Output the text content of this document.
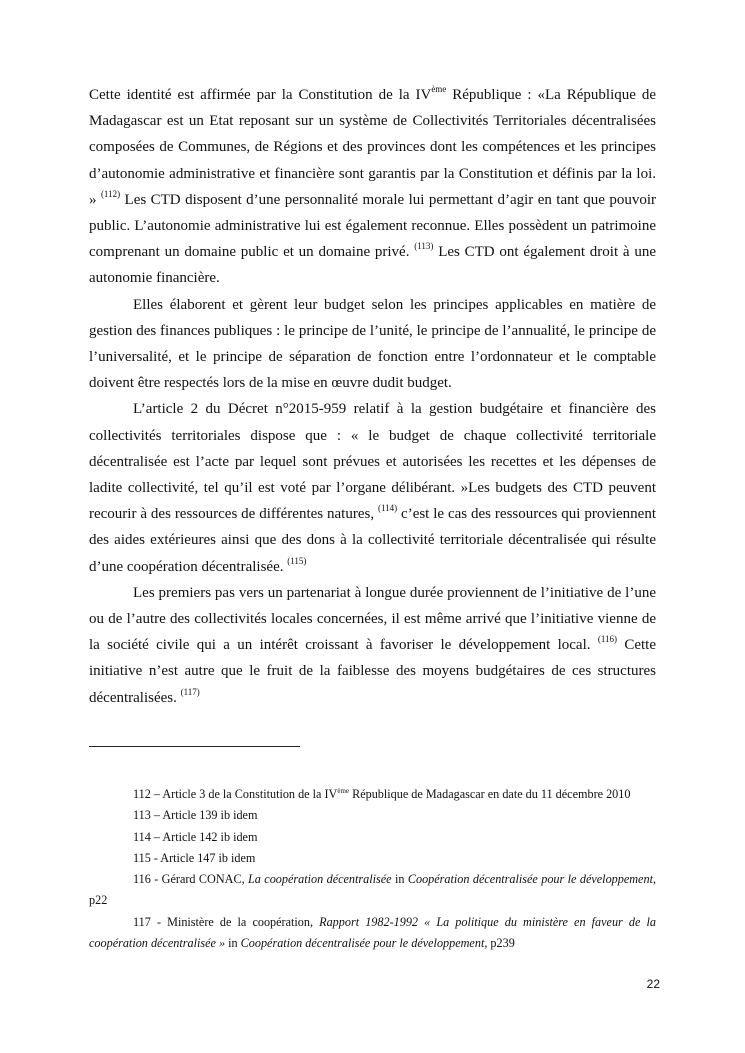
Cette identité est affirmée par la Constitution de la IVème République : «La République de Madagascar est un Etat reposant sur un système de Collectivités Territoriales décentralisées composées de Communes, de Régions et des provinces dont les compétences et les principes d’autonomie administrative et financière sont garantis par la Constitution et définis par la loi. » $^{(112)}$ Les CTD disposent d’une personnalité morale lui permettant d’agir en tant que pouvoir public. L’autonomie administrative lui est également reconnue. Elles possèdent un patrimoine comprenant un domaine public et un domaine privé. $^{(113)}$ Les CTD ont également droit à une autonomie financière.

Elles élaborent et gèrent leur budget selon les principes applicables en matière de gestion des finances publiques : le principe de l’unité, le principe de l’annualité, le principe de l’universalité, et le principe de séparation de fonction entre l’ordonnateur et le comptable doivent être respectés lors de la mise en œuvre dudit budget.

L’article 2 du Décret n°2015-959 relatif à la gestion budgétaire et financière des collectivités territoriales dispose que : « le budget de chaque collectivité territoriale décentralisée est l’acte par lequel sont prévues et autorisées les recettes et les dépenses de ladite collectivité, tel qu’il est voté par l’organe délibérant. »Les budgets des CTD peuvent recourir à des ressources de différentes natures, $^{(114)}$ c’est le cas des ressources qui proviennent des aides extérieures ainsi que des dons à la collectivité territoriale décentralisée qui résulte d’une coopération décentralisée. $^{(115)}$

Les premiers pas vers un partenariat à longue durée proviennent de l’initiative de l’une ou de l’autre des collectivités locales concernées, il est même arrivé que l’initiative vienne de la société civile qui a un intérêt croissant à favoriser le développement local. $^{(116)}$ Cette initiative n’est autre que le fruit de la faiblesse des moyens budgétaires de ces structures décentralisées. $^{(117)}$

112 – Article 3 de la Constitution de la IVème République de Madagascar en date du 11 décembre 2010

113 – Article 139 ib idem

114 – Article 142 ib idem

115 - Article 147 ib idem

116 - Gérard CONAC, La coopération décentralisée in Coopération décentralisée pour le développement, p22

117 - Ministère de la coopération, Rapport 1982-1992 « La politique du ministère en faveur de la coopération décentralisée » in Coopération décentralisée pour le développement, p239

22
